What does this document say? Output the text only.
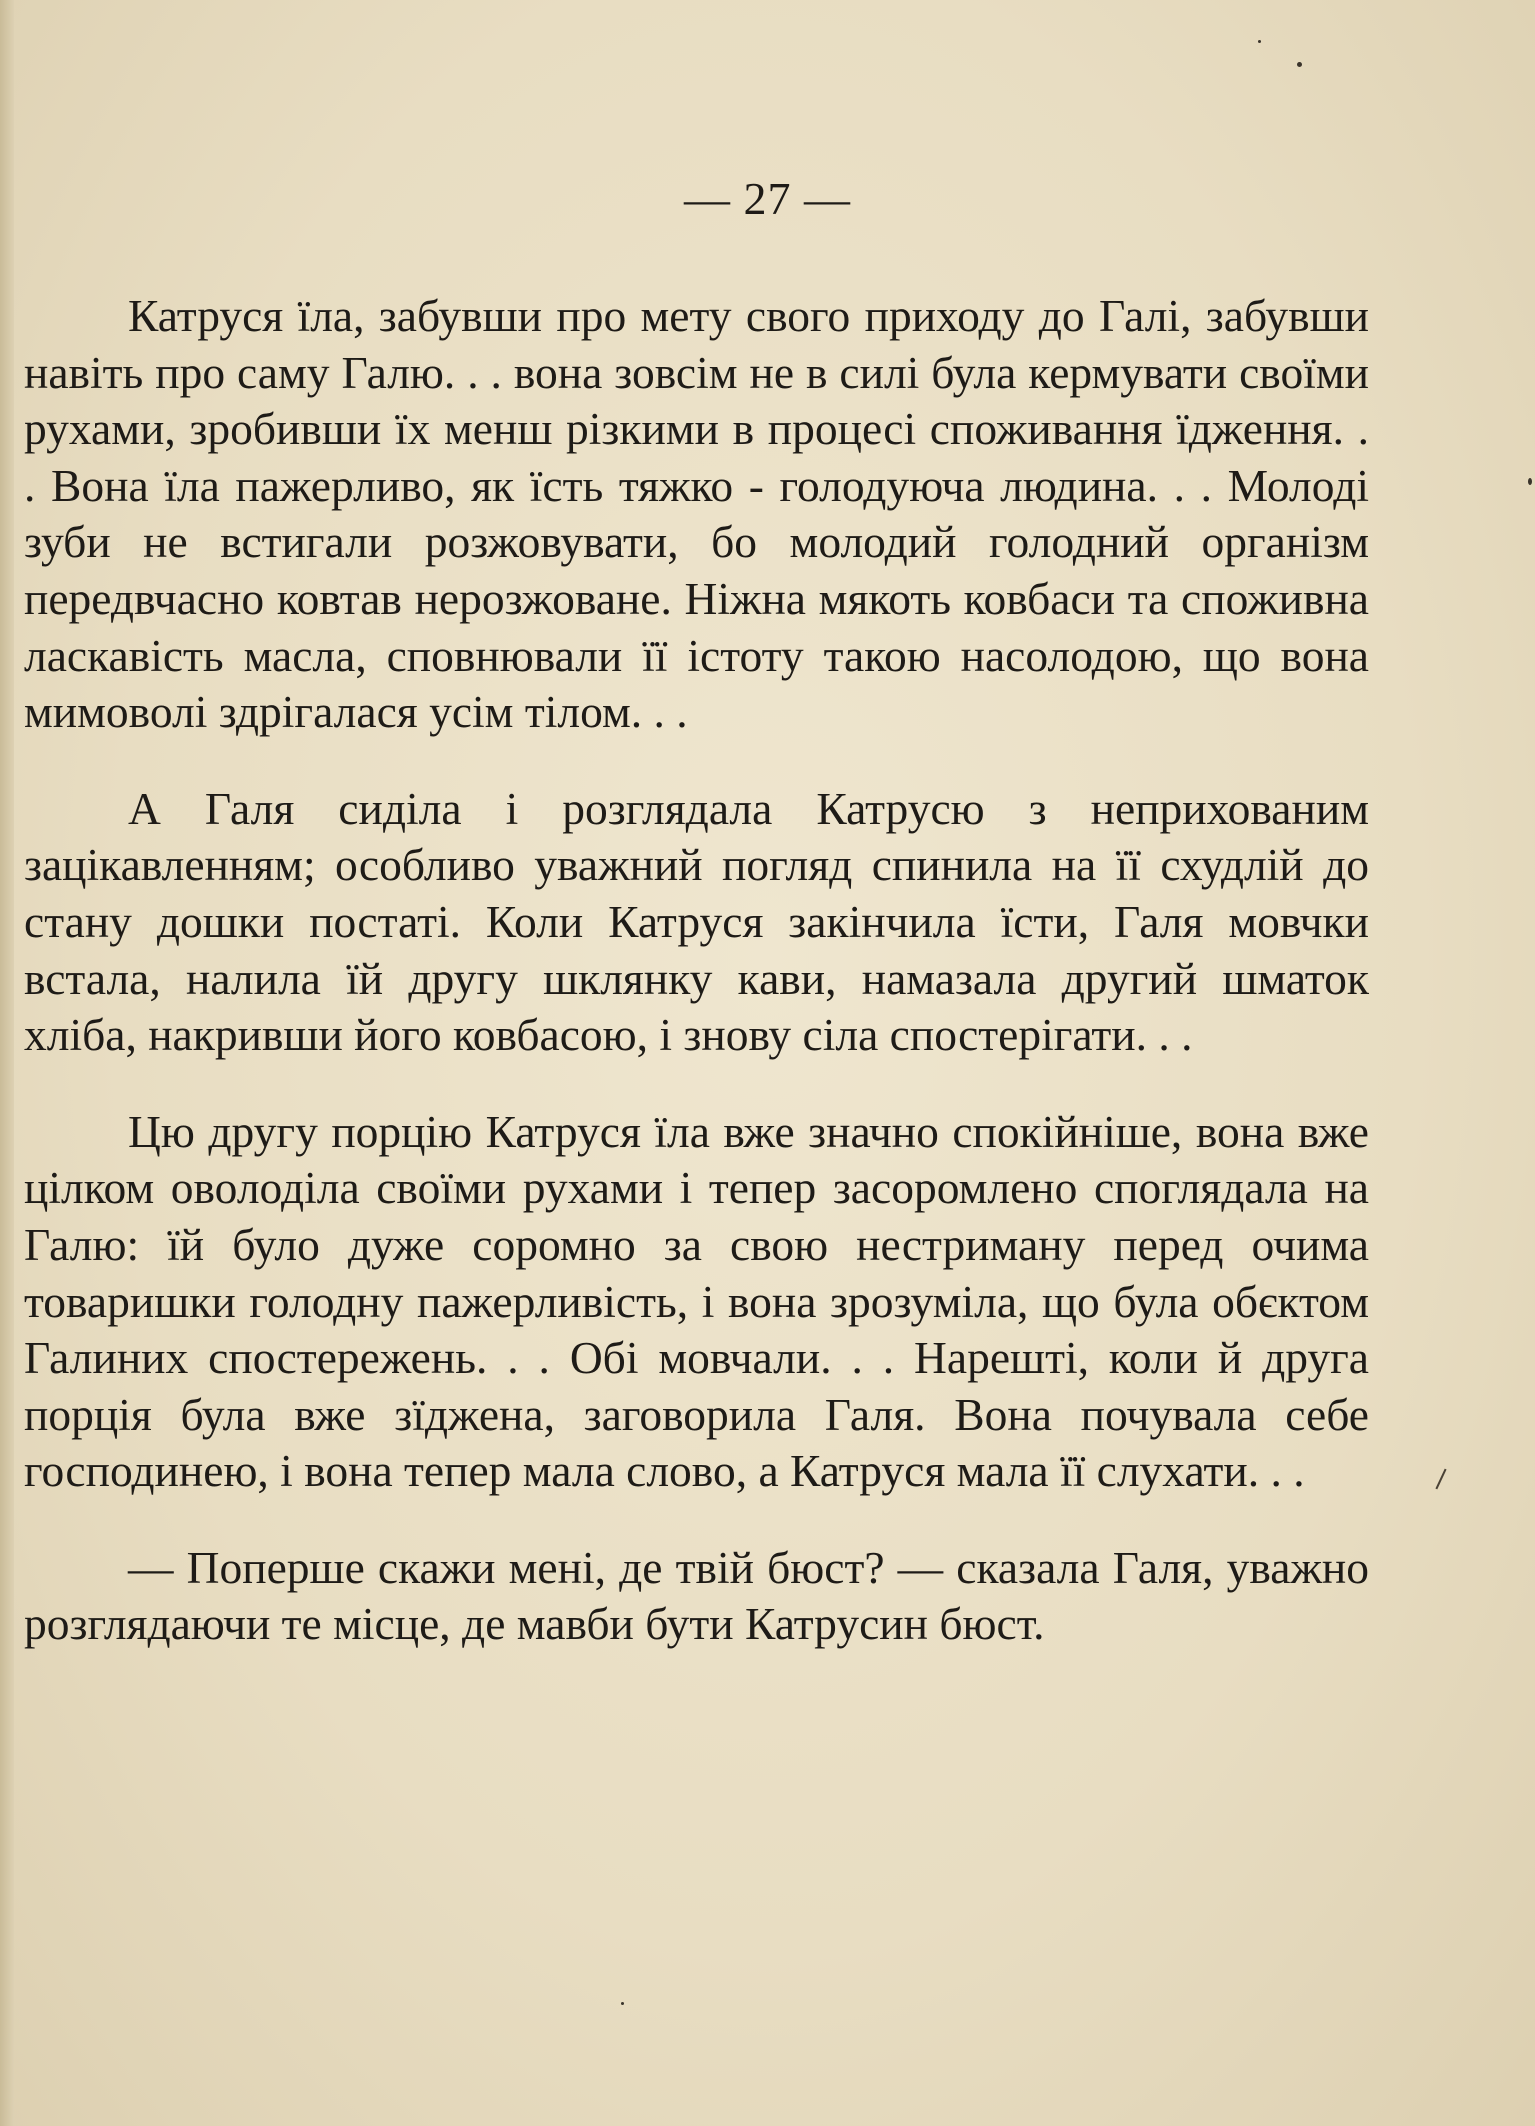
— 27 —

Катруся їла, забувши про мету свого приходу до Галі, забувши навіть про саму Галю. . . вона зовсім не в силі була кермувати своїми рухами, зробивши їх менш різкими в процесі споживання їдження. . . Вона їла пажерливо, як їсть тяжко - голодуюча людина. . . Молоді зуби не встигали розжовувати, бо молодий голодний організм передвчасно ковтав нерозжоване. Ніжна мякоть ковбаси та споживна ласкавість масла, сповнювали її істоту такою насолодою, що вона мимоволі здрігалася усім тілом. . .

А Галя сиділа і розглядала Катрусю з неприхованим зацікавленням; особливо уважний погляд спинила на її схудлій до стану дошки постаті. Коли Катруся закінчила їсти, Галя мовчки встала, налила їй другу шклянку кави, намазала другий шматок хліба, накривши його ковбасою, і знову сіла спостерігати. . .

Цю другу порцію Катруся їла вже значно спокійніше, вона вже цілком оволоділа своїми рухами і тепер засоромлено споглядала на Галю: їй було дуже соромно за свою нестриману перед очима товаришки голодну пажерливість, і вона зрозуміла, що була обєктом Галиних спостережень. . . Обі мовчали. . . Нарешті, коли й друга порція була вже зїджена, заговорила Галя. Вона почувала себе господинею, і вона тепер мала слово, а Катруся мала її слухати. . .

— Поперше скажи мені, де твій бюст? — сказала Галя, уважно розглядаючи те місце, де мавби бути Катрусин бюст.
